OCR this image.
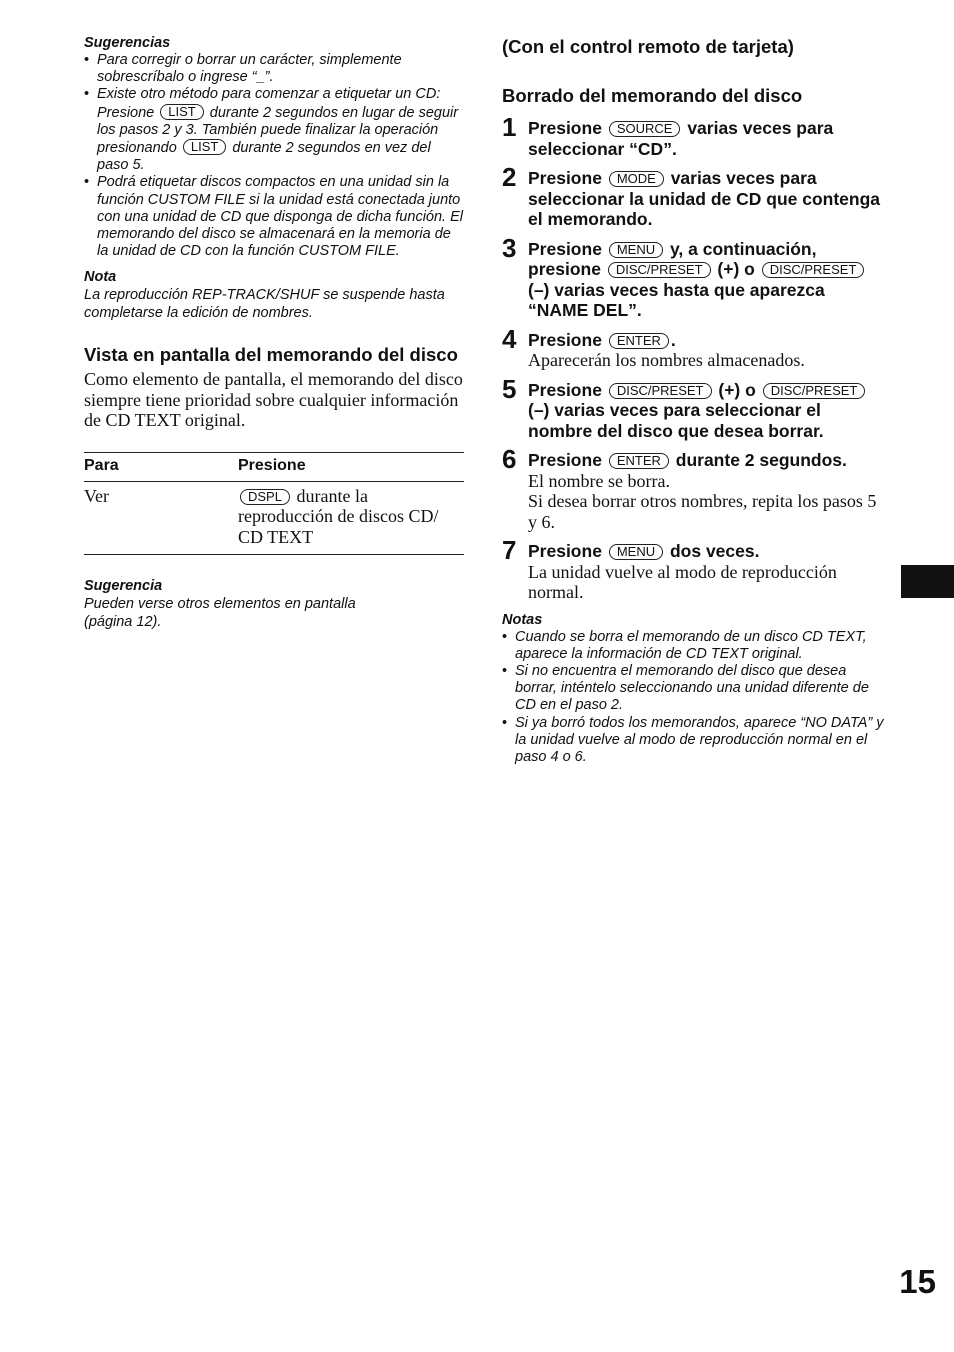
Sugerencias
• Para corregir o borrar un carácter, simplemente sobrescríbalo o ingrese “_”.
• Existe otro método para comenzar a etiquetar un CD: Presione LIST durante 2 segundos en lugar de seguir los pasos 2 y 3. También puede finalizar la operación presionando LIST durante 2 segundos en vez del paso 5.
• Podrá etiquetar discos compactos en una unidad sin la función CUSTOM FILE si la unidad está conectada junto con una unidad de CD que disponga de dicha función. El memorando del disco se almacenará en la memoria de la unidad de CD con la función CUSTOM FILE.
Nota
La reproducción REP-TRACK/SHUF se suspende hasta completarse la edición de nombres.
Vista en pantalla del memorando del disco
Como elemento de pantalla, el memorando del disco siempre tiene prioridad sobre cualquier información de CD TEXT original.
Para	Presione
Ver	DSPL durante la reproducción de discos CD/ CD TEXT
Sugerencia
Pueden verse otros elementos en pantalla (página 12).
(Con el control remoto de tarjeta)
Borrado del memorando del disco
1 Presione SOURCE varias veces para seleccionar “CD”.
2 Presione MODE varias veces para seleccionar la unidad de CD que contenga el memorando.
3 Presione MENU y, a continuación, presione DISC/PRESET (+) o DISC/PRESET (–) varias veces hasta que aparezca “NAME DEL”.
4 Presione ENTER .
Aparecerán los nombres almacenados.
5 Presione DISC/PRESET (+) o DISC/PRESET (–) varias veces para seleccionar el nombre del disco que desea borrar.
6 Presione ENTER durante 2 segundos.
El nombre se borra.
Si desea borrar otros nombres, repita los pasos 5 y 6.
7 Presione MENU dos veces.
La unidad vuelve al modo de reproducción normal.
Notas
• Cuando se borra el memorando de un disco CD TEXT, aparece la información de CD TEXT original.
• Si no encuentra el memorando del disco que desea borrar, inténtelo seleccionando una unidad diferente de CD en el paso 2.
• Si ya borró todos los memorandos, aparece “NO DATA” y la unidad vuelve al modo de reproducción normal en el paso 4 o 6.
15
